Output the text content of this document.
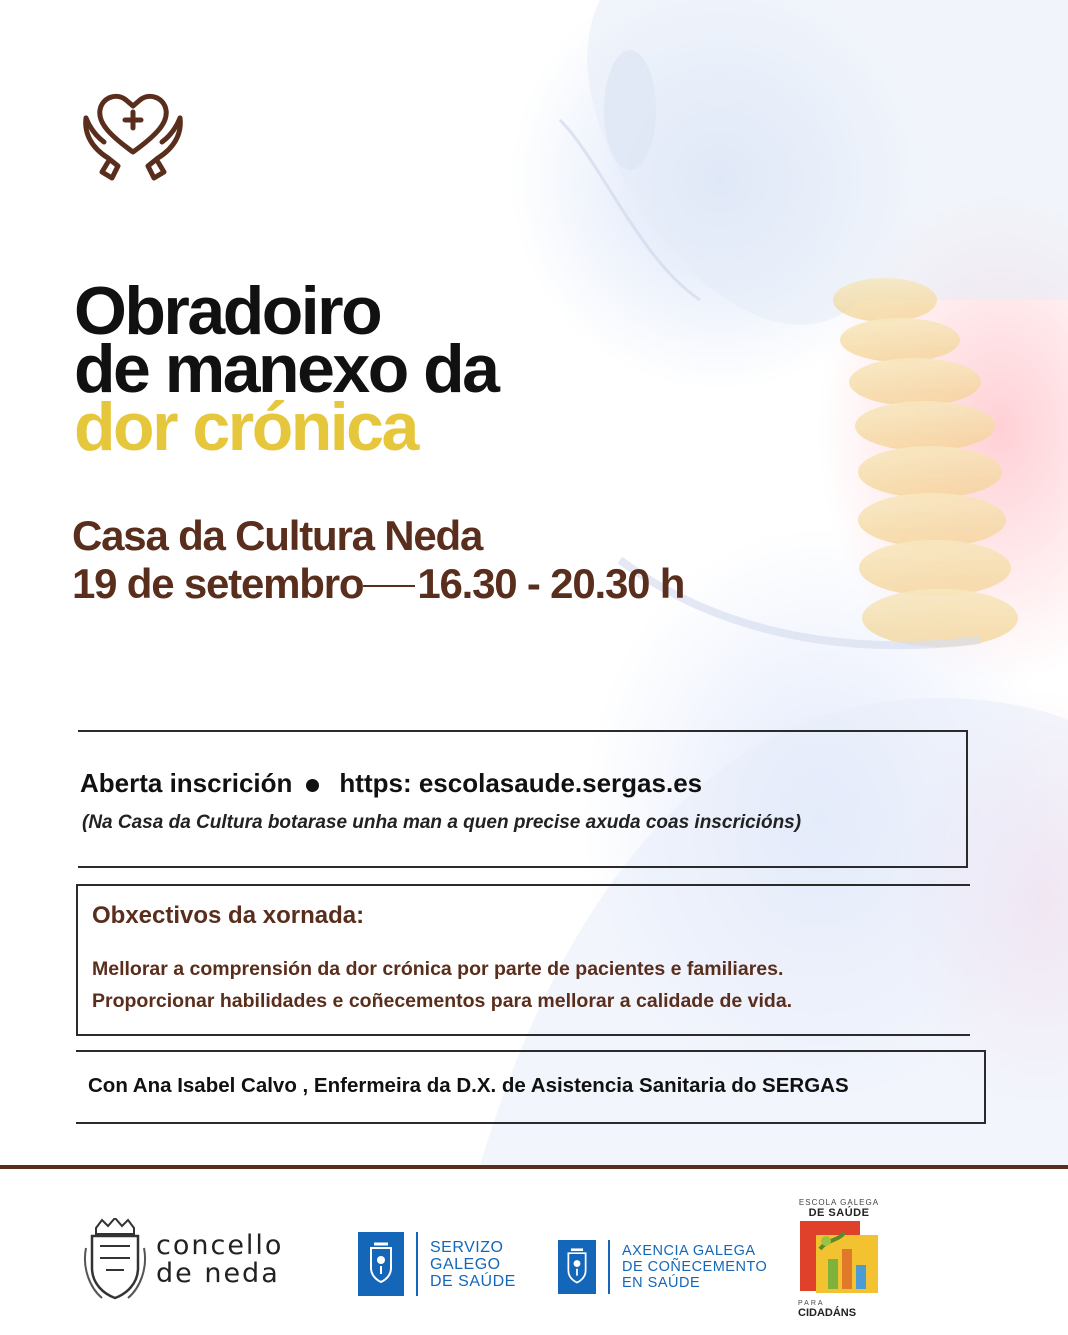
Obradoiro
de manexo da
dor crónica
Casa da Cultura Neda
19 de setembro 16.30 - 20.30 h
Aberta inscrición https: escolasaude.sergas.es
(Na Casa da Cultura botarase unha man a quen precise axuda coas inscricións)
Obxectivos da xornada:
Mellorar a comprensión da dor crónica por parte de pacientes e familiares.
Proporcionar habilidades e coñecementos para mellorar a calidade de vida.
Con Ana Isabel Calvo , Enfermeira da D.X. de Asistencia Sanitaria do SERGAS
concello
de neda
SERVIZO
GALEGO
DE SAÚDE
AXENCIA GALEGA
DE COÑECEMENTO
EN SAÚDE
ESCOLA GALEGA
DE SAÚDE
PARA
CIDADÁNS
